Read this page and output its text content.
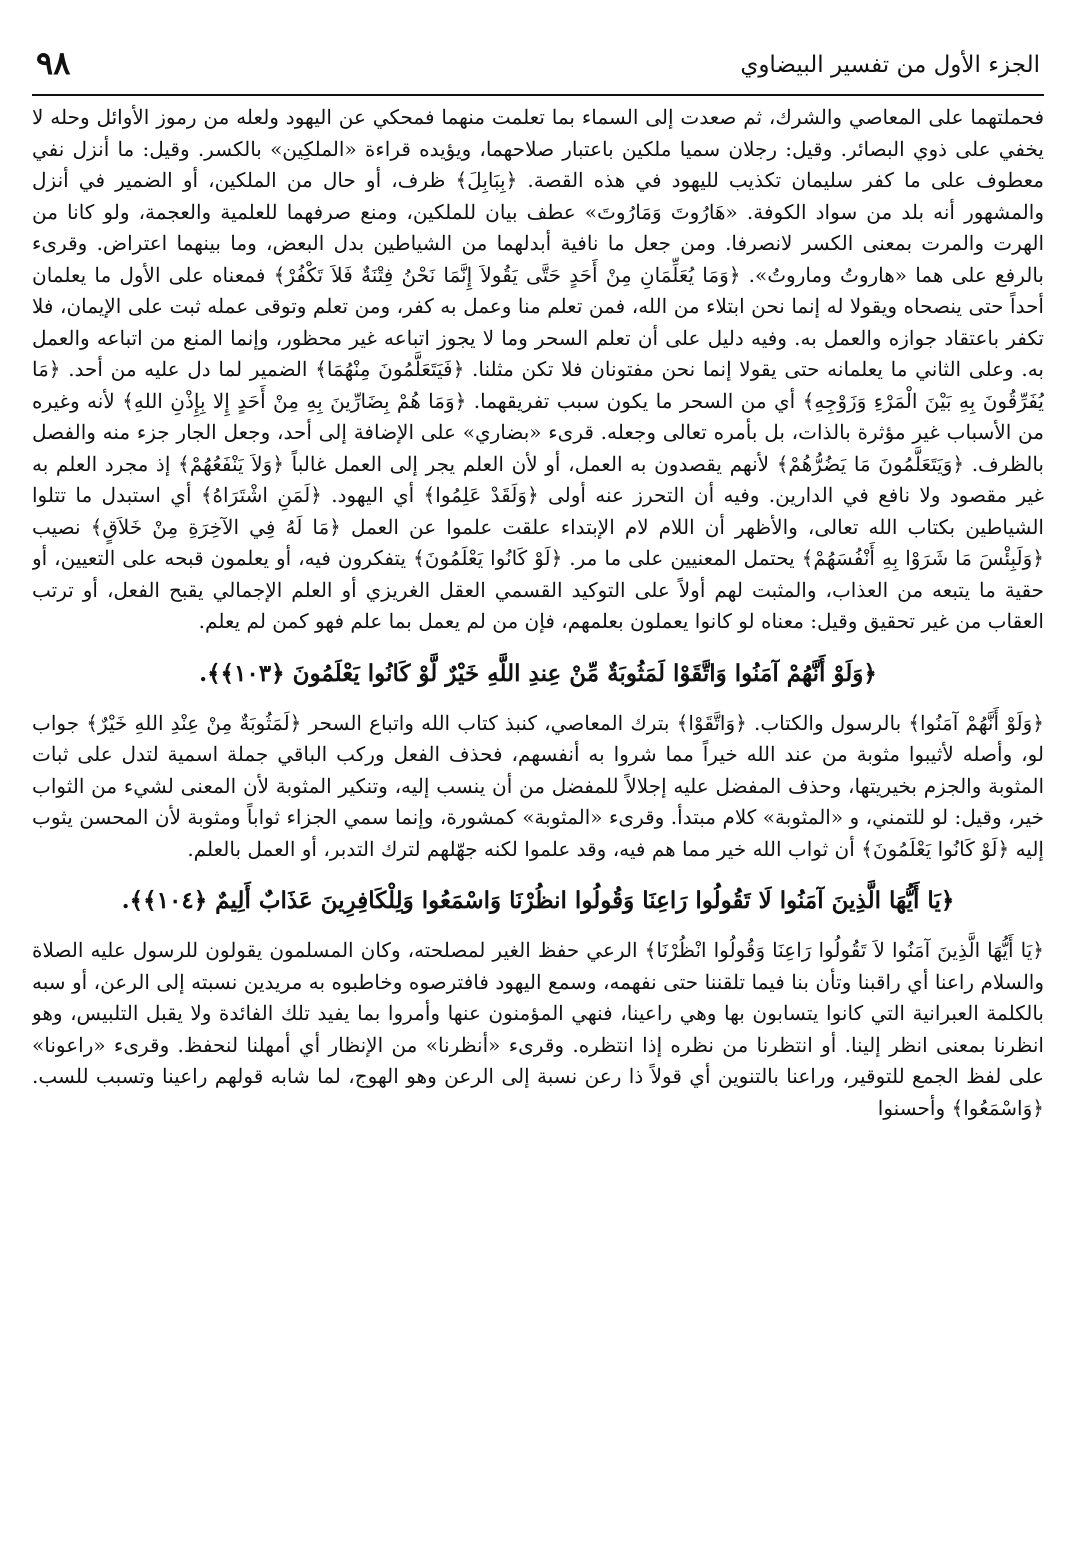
٩٨	الجزء الأول من تفسير البيضاوي

فحملتهما على المعاصي والشرك، ثم صعدت إلى السماء بما تعلمت منهما فمحكي عن اليهود ولعله من رموز الأوائل وحله لا يخفي على ذوي البصائر. وقيل: رجلان سميا ملكين باعتبار صلاحهما، ويؤيده قراءة «الملكِين» بالكسر. وقيل: ما أنزل نفي معطوف على ما كفر سليمان تكذيب لليهود في هذه القصة. ﴿بِبَابِلَ﴾ ظرف، أو حال من الملكين، أو الضمير في أنزل والمشهور أنه بلد من سواد الكوفة. «هَارُوتَ وَمَارُوتَ» عطف بيان للملكين، ومنع صرفهما للعلمية والعجمة، ولو كانا من الهرت والمرت بمعنى الكسر لانصرفا. ومن جعل ما نافية أبدلهما من الشياطين بدل البعض، وما بينهما اعتراض. وقرىء بالرفع على هما «هاروتُ وماروتُ». ﴿وَمَا يُعَلِّمَانِ مِنْ أَحَدٍ حَتَّى يَقُولاَ إِنَّمَا نَحْنُ فِتْنَةٌ فَلاَ تَكْفُرْ﴾ فمعناه على الأول ما يعلمان أحداً حتى ينصحاه ويقولا له إنما نحن ابتلاء من الله، فمن تعلم منا وعمل به كفر، ومن تعلم وتوقى عمله ثبت على الإيمان، فلا تكفر باعتقاد جوازه والعمل به. وفيه دليل على أن تعلم السحر وما لا يجوز اتباعه غير محظور، وإنما المنع من اتباعه والعمل به. وعلى الثاني ما يعلمانه حتى يقولا إنما نحن مفتونان فلا تكن مثلنا. ﴿فَيَتَعَلَّمُونَ مِنْهُمَا﴾ الضمير لما دل عليه من أحد. ﴿مَا يُفَرِّقُونَ بِهِ بَيْنَ الْمَرْءِ وَزَوْجِهِ﴾ أي من السحر ما يكون سبب تفريقهما. ﴿وَمَا هُمْ بِضَارِّينَ بِهِ مِنْ أَحَدٍ إِلا بِإِذْنِ اللهِ﴾ لأنه وغيره من الأسباب غير مؤثرة بالذات، بل بأمره تعالى وجعله. قرىء «بضاري» على الإضافة إلى أحد، وجعل الجار جزء منه والفصل بالظرف. ﴿وَيَتَعَلَّمُونَ مَا يَضُرُّهُمْ﴾ لأنهم يقصدون به العمل، أو لأن العلم يجر إلى العمل غالباً ﴿وَلاَ يَنْفَعُهُمْ﴾ إذ مجرد العلم به غير مقصود ولا نافع في الدارين. وفيه أن التحرز عنه أولى ﴿وَلَقَدْ عَلِمُوا﴾ أي اليهود. ﴿لَمَنِ اشْتَرَاهُ﴾ أي استبدل ما تتلوا الشياطين بكتاب الله تعالى، والأظهر أن اللام لام الإبتداء علقت علموا عن العمل ﴿مَا لَهُ فِي الآخِرَةِ مِنْ خَلاَقٍ﴾ نصيب ﴿وَلَبِئْسَ مَا شَرَوْا بِهِ أَنْفُسَهُمْ﴾ يحتمل المعنيين على ما مر. ﴿لَوْ كَانُوا يَعْلَمُونَ﴾ يتفكرون فيه، أو يعلمون قبحه على التعيين، أو حقية ما يتبعه من العذاب، والمثبت لهم أولاً على التوكيد القسمي العقل الغريزي أو العلم الإجمالي يقبح الفعل، أو ترتب العقاب من غير تحقيق وقيل: معناه لو كانوا يعملون بعلمهم، فإن من لم يعمل بما علم فهو كمن لم يعلم.

﴿وَلَوْ أَنَّهُمْ آمَنُوا وَاتَّقَوْا لَمَثُوبَةٌ مِّنْ عِندِ اللَّهِ خَيْرٌ لَّوْ كَانُوا يَعْلَمُونَ ﴿١٠٣﴾﴾.

﴿وَلَوْ أَنَّهُمْ آمَنُوا﴾ بالرسول والكتاب. ﴿وَاتَّقَوْا﴾ بترك المعاصي، كنبذ كتاب الله واتباع السحر ﴿لَمَثُوبَةٌ مِنْ عِنْدِ اللهِ خَيْرٌ﴾ جواب لو، وأصله لأثيبوا مثوبة من عند الله خيراً مما شروا به أنفسهم، فحذف الفعل وركب الباقي جملة اسمية لتدل على ثبات المثوبة والجزم بخيريتها، وحذف المفضل عليه إجلالاً للمفضل من أن ينسب إليه، وتنكير المثوبة لأن المعنى لشيء من الثواب خير، وقيل: لو للتمني، و «المثوبة» كلام مبتدأ. وقرىء «المثوبة» كمشورة، وإنما سمي الجزاء ثواباً ومثوبة لأن المحسن يثوب إليه ﴿لَوْ كَانُوا يَعْلَمُونَ﴾ أن ثواب الله خير مما هم فيه، وقد علموا لكنه جهّلهم لترك التدبر، أو العمل بالعلم.

﴿يَا أَيُّهَا الَّذِينَ آمَنُوا لَا تَقُولُوا رَاعِنَا وَقُولُوا انظُرْنَا وَاسْمَعُوا وَلِلْكَافِرِينَ عَذَابٌ أَلِيمٌ ﴿١٠٤﴾﴾.

﴿يَا أَيُّهَا الَّذِينَ آمَنُوا لاَ تَقُولُوا رَاعِنَا وَقُولُوا انْظُرْنَا﴾ الرعي حفظ الغير لمصلحته، وكان المسلمون يقولون للرسول عليه الصلاة والسلام راعنا أي راقبنا وتأن بنا فيما تلقننا حتى نفهمه، وسمع اليهود فافترصوه وخاطبوه به مريدين نسبته إلى الرعن، أو سبه بالكلمة العبرانية التي كانوا يتسابون بها وهي راعينا، فنهي المؤمنون عنها وأمروا بما يفيد تلك الفائدة ولا يقبل التلبيس، وهو انظرنا بمعنى انظر إلينا. أو انتظرنا من نظره إذا انتظره. وقرىء «أنظرنا» من الإنظار أي أمهلنا لنحفظ. وقرىء «راعونا» على لفظ الجمع للتوقير، وراعنا بالتنوين أي قولاً ذا رعن نسبة إلى الرعن وهو الهوج، لما شابه قولهم راعينا وتسبب للسب. ﴿وَاسْمَعُوا﴾ وأحسنوا
